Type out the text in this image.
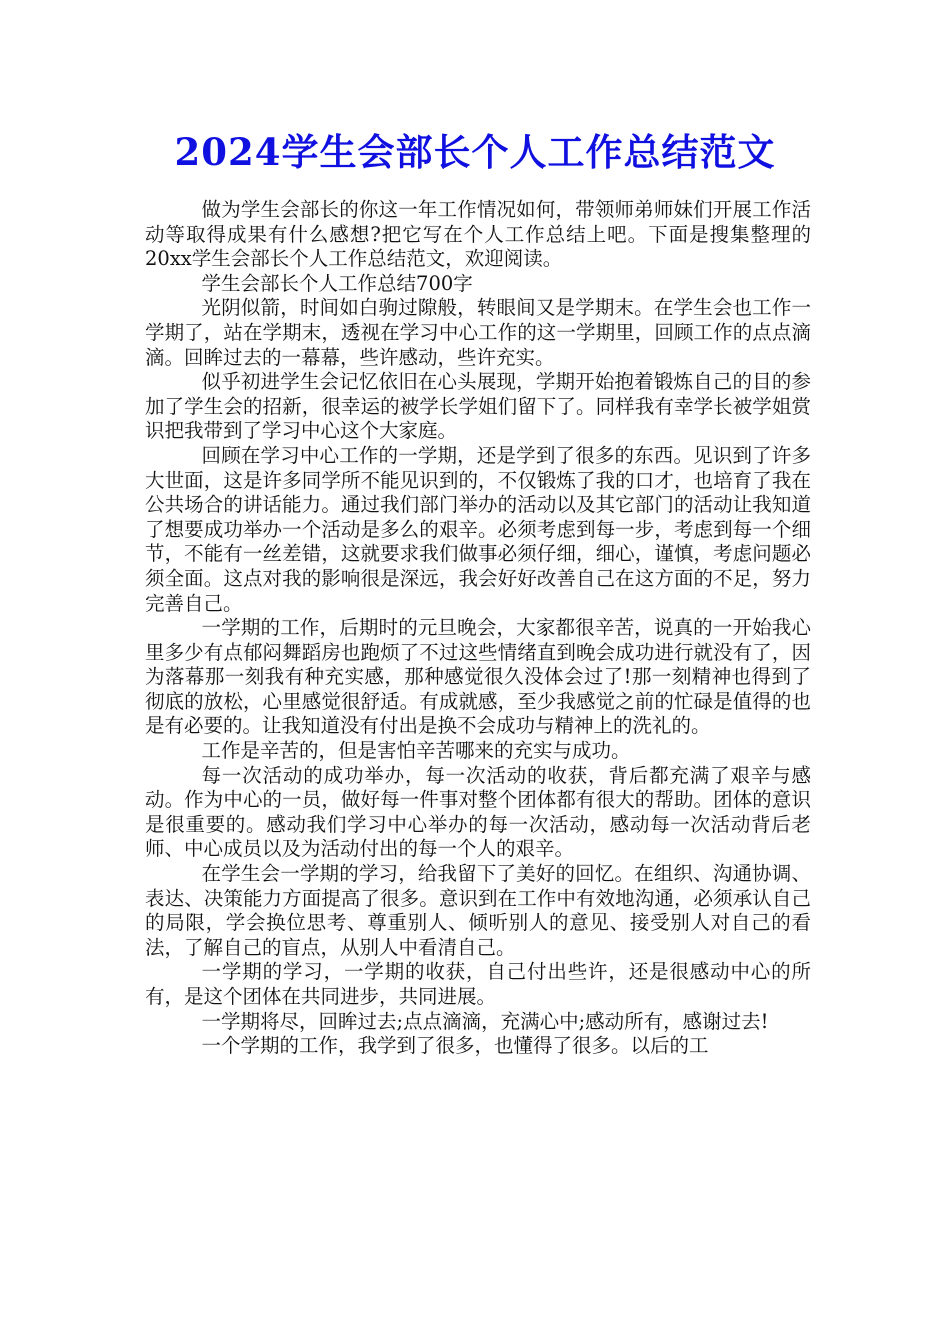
2024学生会部长个人工作总结范文

做为学生会部长的你这一年工作情况如何，带领师弟师妹们开展工作活动等取得成果有什么感想?把它写在个人工作总结上吧。下面是搜集整理的20xx学生会部长个人工作总结范文，欢迎阅读。

学生会部长个人工作总结700字

光阴似箭，时间如白驹过隙般，转眼间又是学期末。在学生会也工作一学期了，站在学期末，透视在学习中心工作的这一学期里，回顾工作的点点滴滴。回眸过去的一幕幕，些许感动，些许充实。

似乎初进学生会记忆依旧在心头展现，学期开始抱着锻炼自己的目的参加了学生会的招新，很幸运的被学长学姐们留下了。同样我有幸学长被学姐赏识把我带到了学习中心这个大家庭。

回顾在学习中心工作的一学期，还是学到了很多的东西。见识到了许多大世面，这是许多同学所不能见识到的，不仅锻炼了我的口才，也培育了我在公共场合的讲话能力。通过我们部门举办的活动以及其它部门的活动让我知道了想要成功举办一个活动是多么的艰辛。必须考虑到每一步，考虑到每一个细节，不能有一丝差错，这就要求我们做事必须仔细，细心，谨慎，考虑问题必须全面。这点对我的影响很是深远，我会好好改善自己在这方面的不足，努力完善自己。

一学期的工作，后期时的元旦晚会，大家都很辛苦，说真的一开始我心里多少有点郁闷舞蹈房也跑烦了不过这些情绪直到晚会成功进行就没有了，因为落幕那一刻我有种充实感，那种感觉很久没体会过了!那一刻精神也得到了彻底的放松，心里感觉很舒适。有成就感，至少我感觉之前的忙碌是值得的也是有必要的。让我知道没有付出是换不会成功与精神上的洗礼的。

工作是辛苦的，但是害怕辛苦哪来的充实与成功。

每一次活动的成功举办，每一次活动的收获，背后都充满了艰辛与感动。作为中心的一员，做好每一件事对整个团体都有很大的帮助。团体的意识是很重要的。感动我们学习中心举办的每一次活动，感动每一次活动背后老师、中心成员以及为活动付出的每一个人的艰辛。

在学生会一学期的学习，给我留下了美好的回忆。在组织、沟通协调、表达、决策能力方面提高了很多。意识到在工作中有效地沟通，必须承认自己的局限，学会换位思考、尊重别人、倾听别人的意见、接受别人对自己的看法，了解自己的盲点，从别人中看清自己。

一学期的学习，一学期的收获，自己付出些许，还是很感动中心的所有，是这个团体在共同进步，共同进展。

一学期将尽，回眸过去;点点滴滴，充满心中;感动所有，感谢过去!

一个学期的工作，我学到了很多，也懂得了很多。以后的工
